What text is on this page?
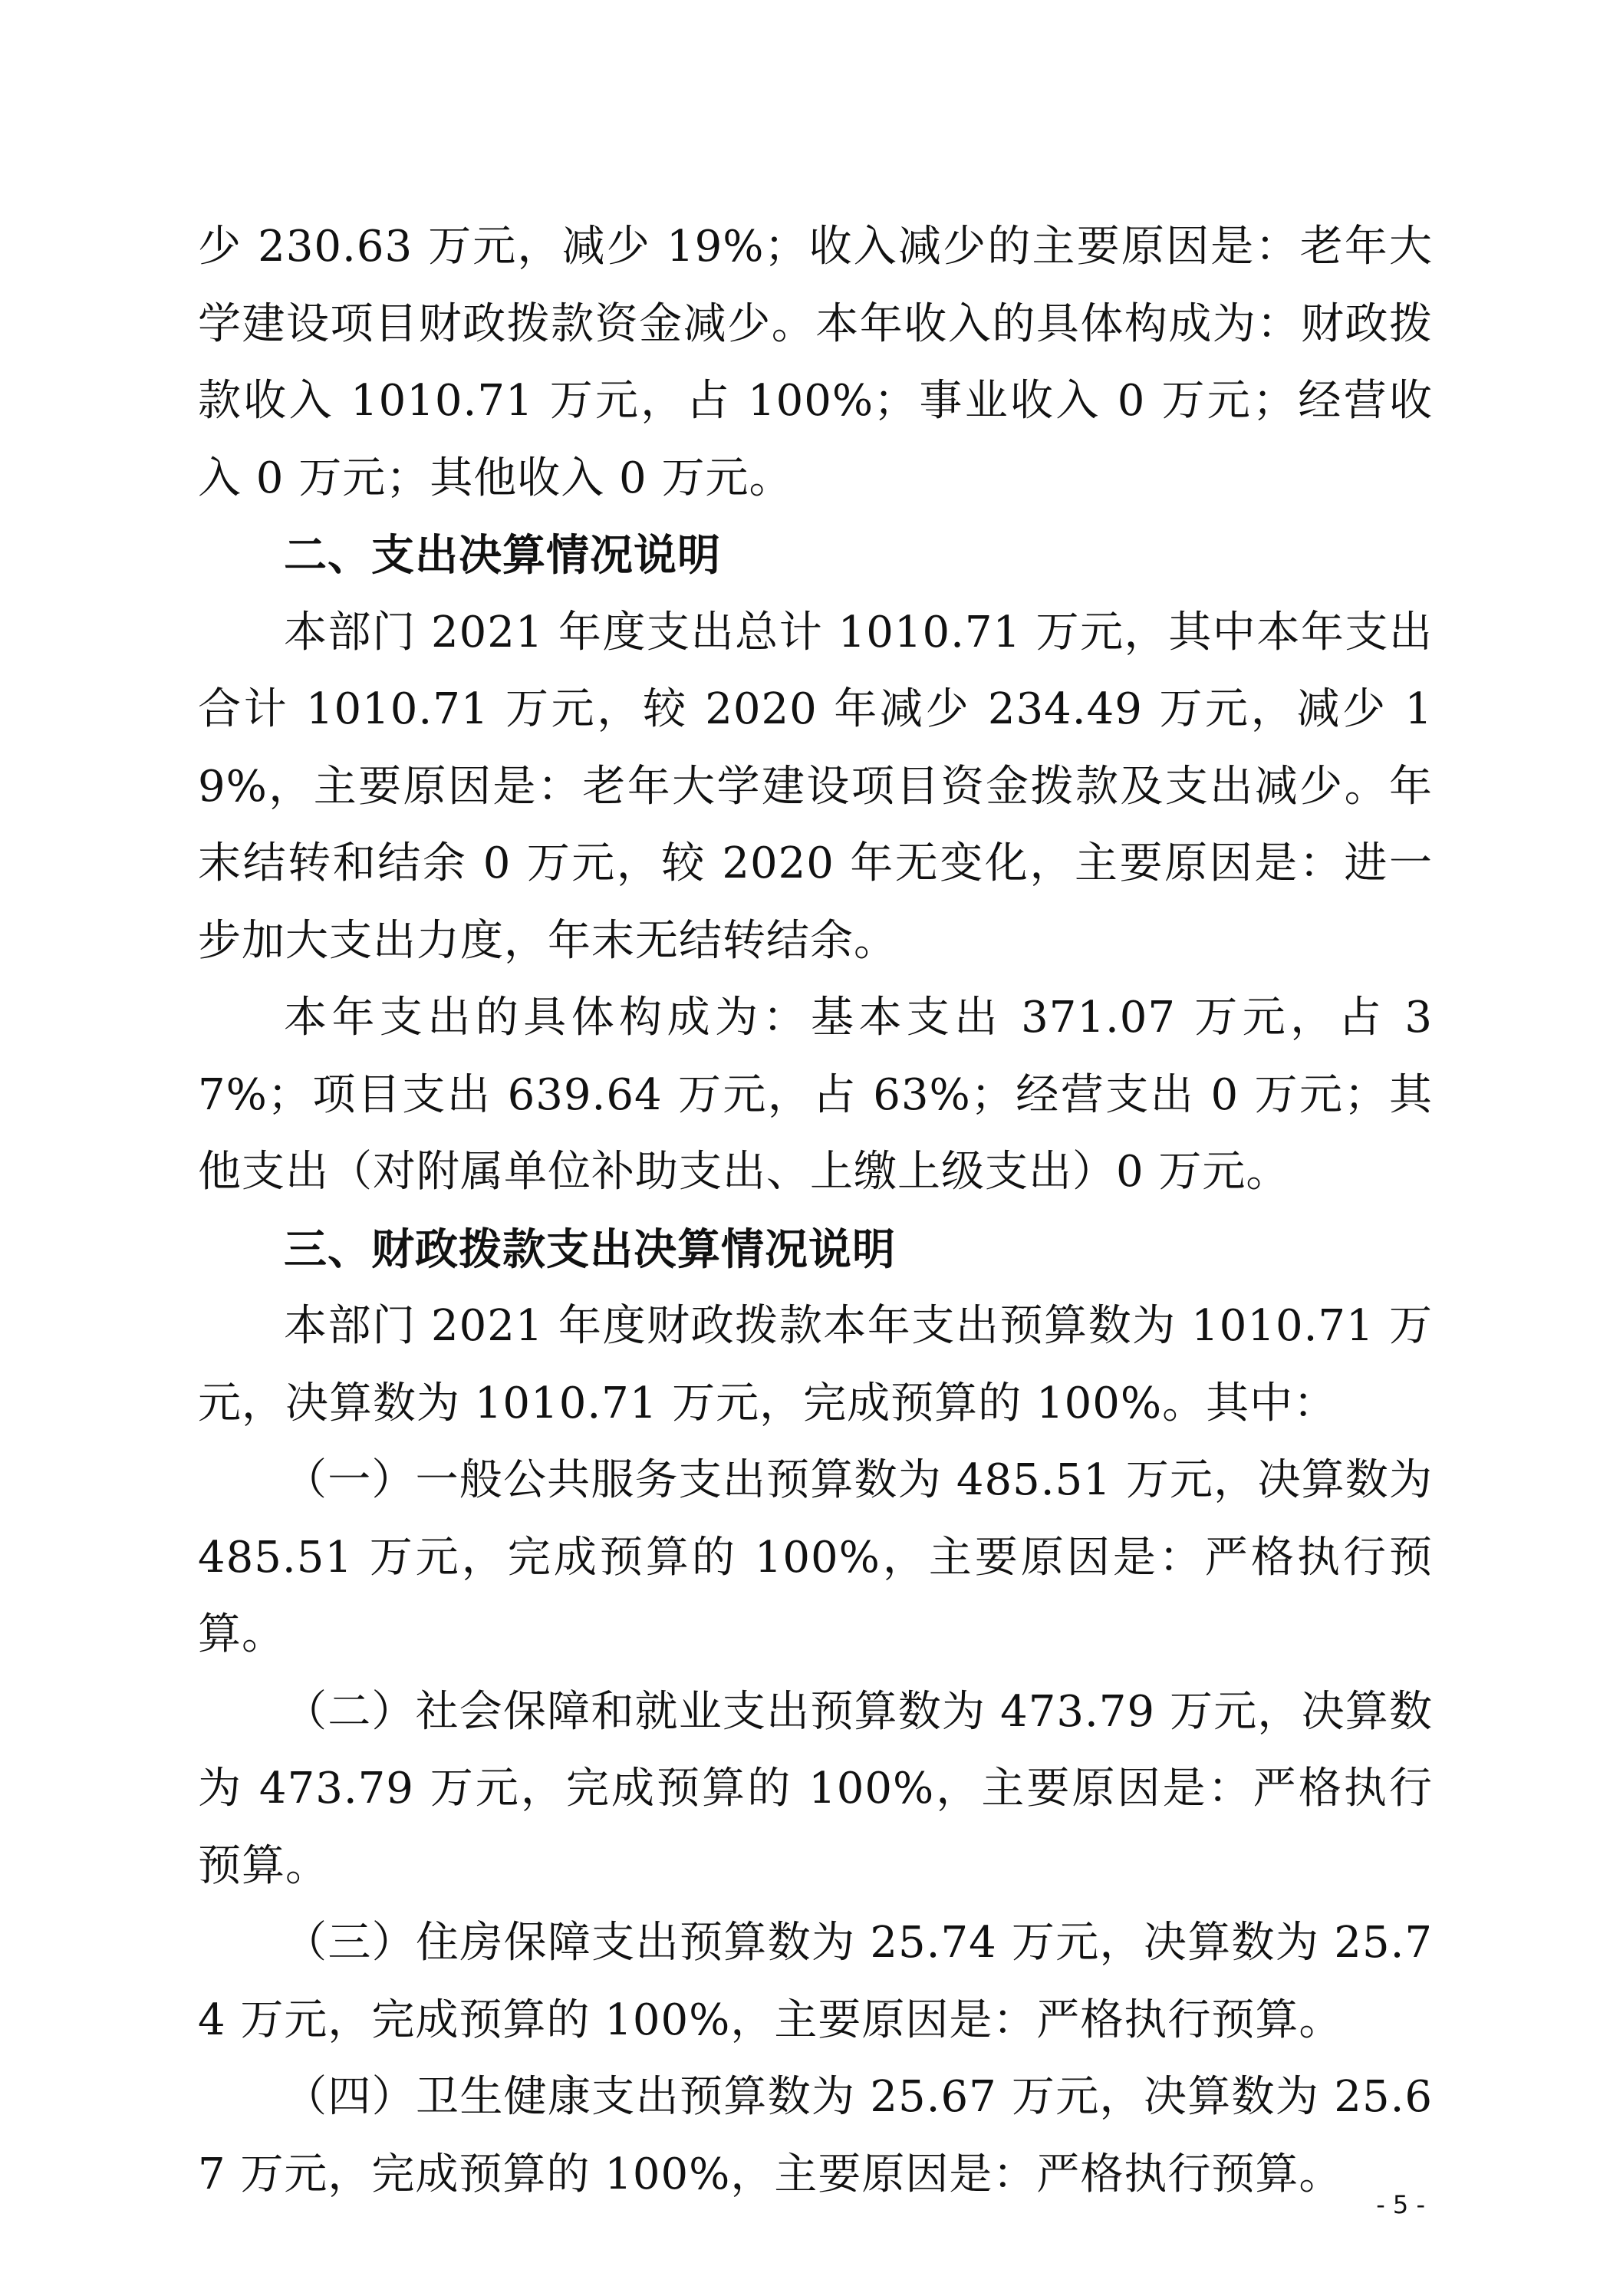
少 230.63 万元，减少 19%；收入减少的主要原因是：老年大学建设项目财政拨款资金减少。本年收入的具体构成为：财政拨款收入 1010.71 万元，占 100%；事业收入 0 万元；经营收入 0 万元；其他收入 0 万元。

二、支出决算情况说明

本部门 2021 年度支出总计 1010.71 万元，其中本年支出合计 1010.71 万元，较 2020 年减少 234.49 万元，减少 19%，主要原因是：老年大学建设项目资金拨款及支出减少。年末结转和结余 0 万元，较 2020 年无变化，主要原因是：进一步加大支出力度，年末无结转结余。

本年支出的具体构成为：基本支出 371.07 万元，占 37%；项目支出 639.64 万元，占 63%；经营支出 0 万元；其他支出（对附属单位补助支出、上缴上级支出）0 万元。

三、财政拨款支出决算情况说明

本部门 2021 年度财政拨款本年支出预算数为 1010.71 万元，决算数为 1010.71 万元，完成预算的 100%。其中：

（一）一般公共服务支出预算数为 485.51 万元，决算数为 485.51 万元，完成预算的 100%，主要原因是：严格执行预算。

（二）社会保障和就业支出预算数为 473.79 万元，决算数为 473.79 万元，完成预算的 100%，主要原因是：严格执行预算。

（三）住房保障支出预算数为 25.74 万元，决算数为 25.74 万元，完成预算的 100%，主要原因是：严格执行预算。

（四）卫生健康支出预算数为 25.67 万元，决算数为 25.67 万元，完成预算的 100%，主要原因是：严格执行预算。

- 5 -
